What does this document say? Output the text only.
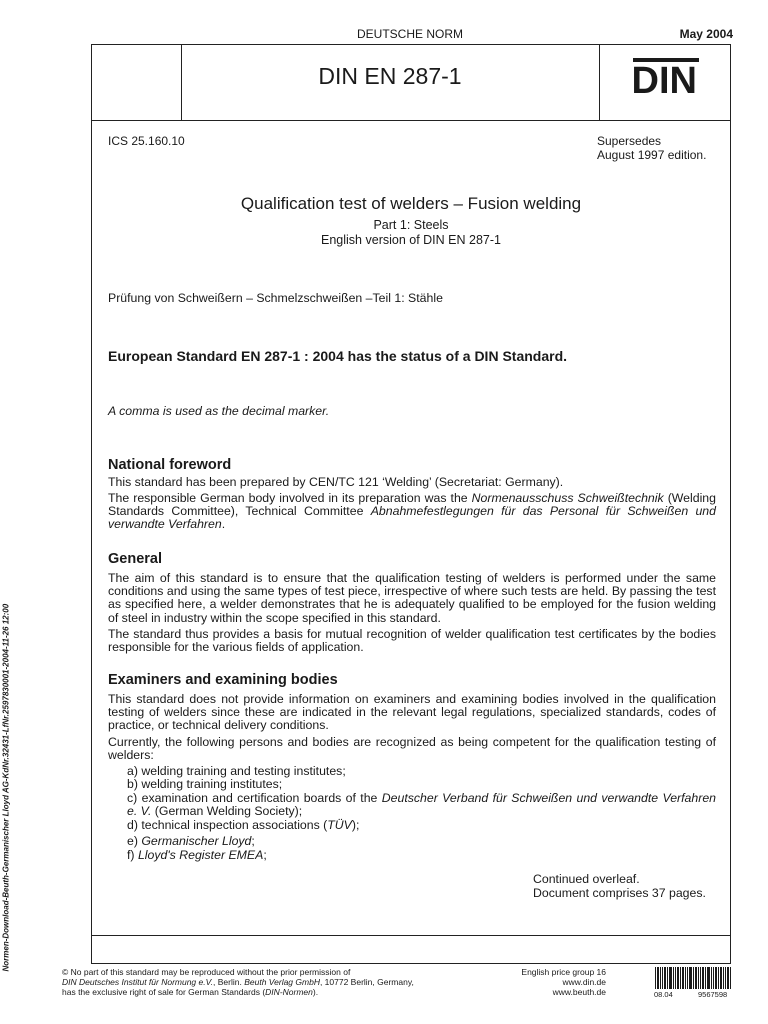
DEUTSCHE NORM	May 2004
DIN EN 287-1	DIN
ICS 25.160.10	Supersedes
August 1997 edition.
Qualification test of welders – Fusion welding
Part 1: Steels
English version of DIN EN 287-1
Prüfung von Schweißern – Schmelzschweißen –Teil 1: Stähle
European Standard EN 287-1 : 2004 has the status of a DIN Standard.
A comma is used as the decimal marker.
National foreword
This standard has been prepared by CEN/TC 121 ‘Welding’ (Secretariat: Germany).
The responsible German body involved in its preparation was the Normenausschuss Schweißtechnik (Welding Standards Committee), Technical Committee Abnahmefestlegungen für das Personal für Schweißen und verwandte Verfahren.
General
The aim of this standard is to ensure that the qualification testing of welders is performed under the same conditions and using the same types of test piece, irrespective of where such tests are held. By passing the test as specified here, a welder demonstrates that he is adequately qualified to be employed for the fusion welding of steel in industry within the scope specified in this standard.
The standard thus provides a basis for mutual recognition of welder qualification test certificates by the bodies responsible for the various fields of application.
Examiners and examining bodies
This standard does not provide information on examiners and examining bodies involved in the qualification testing of welders since these are indicated in the relevant legal regulations, specialized standards, codes of practice, or technical delivery conditions.
Currently, the following persons and bodies are recognized as being competent for the qualification testing of welders:
a) welding training and testing institutes;
b) welding training institutes;
c) examination and certification boards of the Deutscher Verband für Schweißen und verwandte Verfahren e. V. (German Welding Society);
d) technical inspection associations (TÜV);
e) Germanischer Lloyd;
f) Lloyd's Register EMEA;
Continued overleaf.
Document comprises 37 pages.
Normen-Download-Beuth-Germanischer Lloyd AG-KdNr.32431-LfNr.2597830001-2004-11-26 12:00
© No part of this standard may be reproduced without the prior permission of
DIN Deutsches Institut für Normung e.V., Berlin. Beuth Verlag GmbH, 10772 Berlin, Germany,
has the exclusive right of sale for German Standards (DIN-Normen).
English price group 16
www.din.de
www.beuth.de	08.04	9567598
